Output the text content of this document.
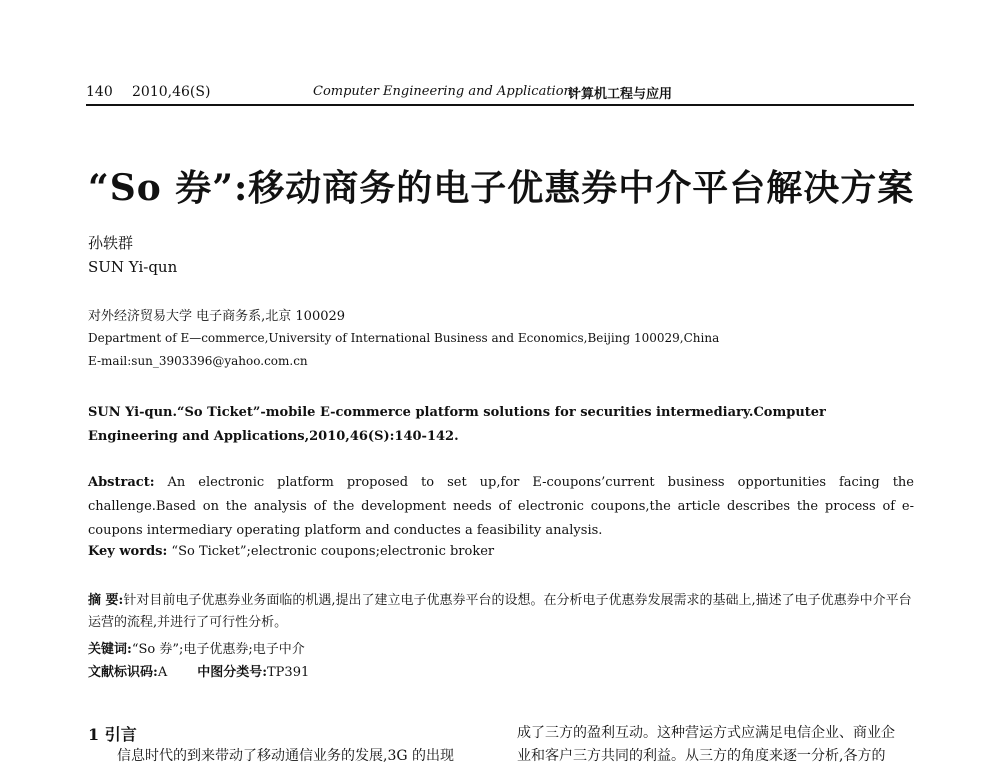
140 2010,46(S)	Computer Engineering and Applications
计算机工程与应用
“So 券”:移动商务的电子优惠券中介平台解决方案
孙轶群
SUN Yi-qun
对外经济贸易大学 电子商务系,北京 100029
Department of E—commerce,University of International Business and Economics,Beijing 100029,China
E-mail:sun_3903396@yahoo.com.cn
SUN Yi-qun.“So Ticket”-mobile E-commerce platform solutions for securities intermediary.Computer Engineering and Applications,2010,46(S):140-142.
Abstract: An electronic platform proposed to set up,for E-coupons’current business opportunities facing the challenge.Based on the analysis of the development needs of electronic coupons,the article describes the process of e-coupons intermediary operating platform and conductes a feasibility analysis.
Key words: “So Ticket”;electronic coupons;electronic broker
摘 要:针对目前电子优惠券业务面临的机遇,提出了建立电子优惠券平台的设想。在分析电子优惠券发展需求的基础上,描述了电子优惠券中介平台运营的流程,并进行了可行性分析。
关键词:“So 券”;电子优惠券;电子中介
文献标识码:A 中图分类号:TP391
1 引言
信息时代的到来带动了移动通信业务的发展,3G 的出现
成了三方的盈利互动。这种营运方式应满足电信企业、商业企
业和客户三方共同的利益。从三方的角度来逐一分析,各方的
